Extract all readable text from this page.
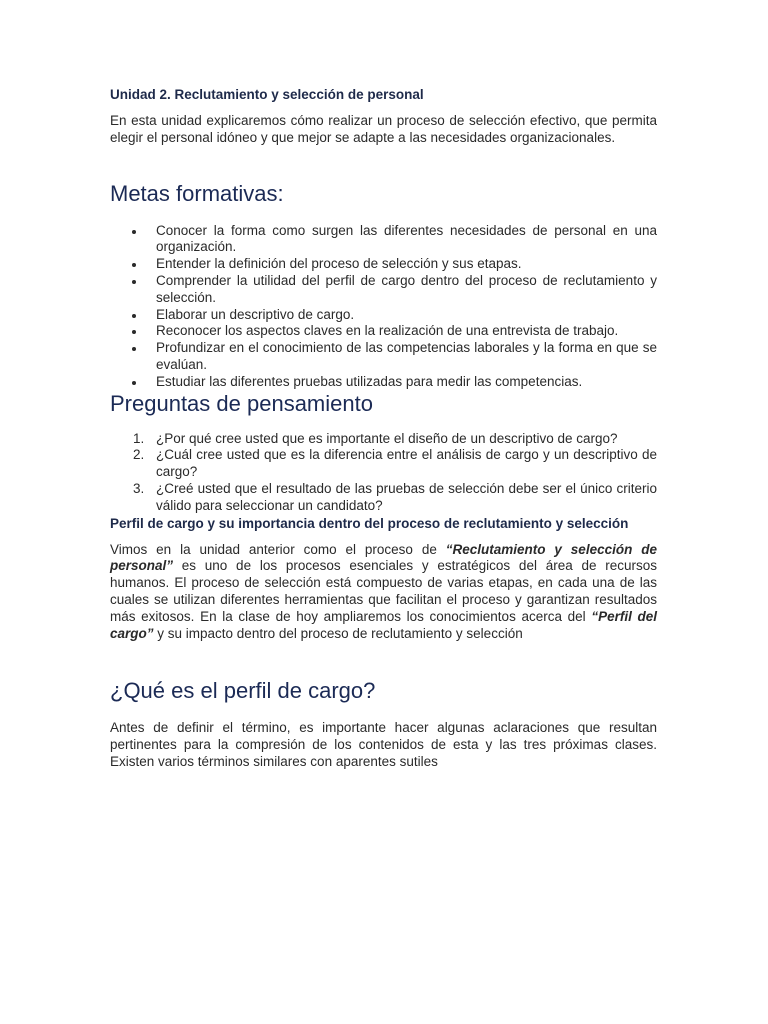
Unidad 2. Reclutamiento y selección de personal

En esta unidad explicaremos cómo realizar un proceso de selección efectivo, que permita elegir el personal idóneo y que mejor se adapte a las necesidades organizacionales.

Metas formativas:
Conocer la forma como surgen las diferentes necesidades de personal en una organización.
Entender la definición del proceso de selección y sus etapas.
Comprender la utilidad del perfil de cargo dentro del proceso de reclutamiento y selección.
Elaborar un descriptivo de cargo.
Reconocer los aspectos claves en la realización de una entrevista de trabajo.
Profundizar en el conocimiento de las competencias laborales y la forma en que se evalúan.
Estudiar las diferentes pruebas utilizadas para medir las competencias.
Preguntas de pensamiento
1. ¿Por qué cree usted que es importante el diseño de un descriptivo de cargo?
2. ¿Cuál cree usted que es la diferencia entre el análisis de cargo y un descriptivo de cargo?
3. ¿Creé usted que el resultado de las pruebas de selección debe ser el único criterio válido para seleccionar un candidato?
Perfil de cargo y su importancia dentro del proceso de reclutamiento y selección

Vimos en la unidad anterior como el proceso de “Reclutamiento y selección de personal” es uno de los procesos esenciales y estratégicos del área de recursos humanos. El proceso de selección está compuesto de varias etapas, en cada una de las cuales se utilizan diferentes herramientas que facilitan el proceso y garantizan resultados más exitosos. En la clase de hoy ampliaremos los conocimientos acerca del “Perfil del cargo” y su impacto dentro del proceso de reclutamiento y selección

¿Qué es el perfil de cargo?

Antes de definir el término, es importante hacer algunas aclaraciones que resultan pertinentes para la compresión de los contenidos de esta y las tres próximas clases. Existen varios términos similares con aparentes sutiles
